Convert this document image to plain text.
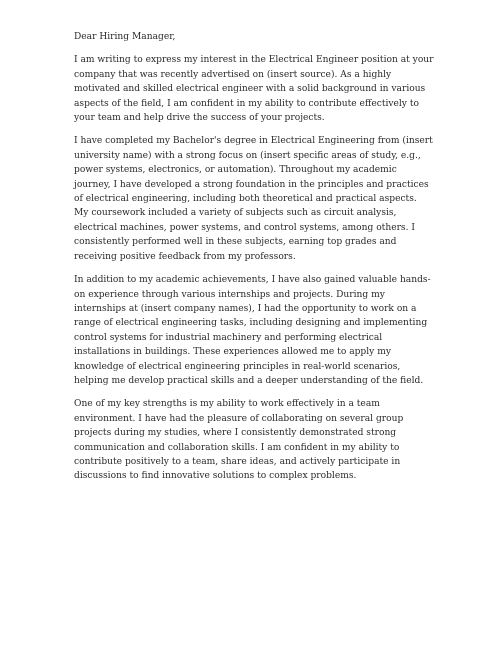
Dear Hiring Manager,

I am writing to express my interest in the Electrical Engineer position at your company that was recently advertised on (insert source). As a highly motivated and skilled electrical engineer with a solid background in various aspects of the field, I am confident in my ability to contribute effectively to your team and help drive the success of your projects.

I have completed my Bachelor's degree in Electrical Engineering from (insert university name) with a strong focus on (insert specific areas of study, e.g., power systems, electronics, or automation). Throughout my academic journey, I have developed a strong foundation in the principles and practices of electrical engineering, including both theoretical and practical aspects. My coursework included a variety of subjects such as circuit analysis, electrical machines, power systems, and control systems, among others. I consistently performed well in these subjects, earning top grades and receiving positive feedback from my professors.

In addition to my academic achievements, I have also gained valuable hands-on experience through various internships and projects. During my internships at (insert company names), I had the opportunity to work on a range of electrical engineering tasks, including designing and implementing control systems for industrial machinery and performing electrical installations in buildings. These experiences allowed me to apply my knowledge of electrical engineering principles in real-world scenarios, helping me develop practical skills and a deeper understanding of the field.

One of my key strengths is my ability to work effectively in a team environment. I have had the pleasure of collaborating on several group projects during my studies, where I consistently demonstrated strong communication and collaboration skills. I am confident in my ability to contribute positively to a team, share ideas, and actively participate in discussions to find innovative solutions to complex problems.
